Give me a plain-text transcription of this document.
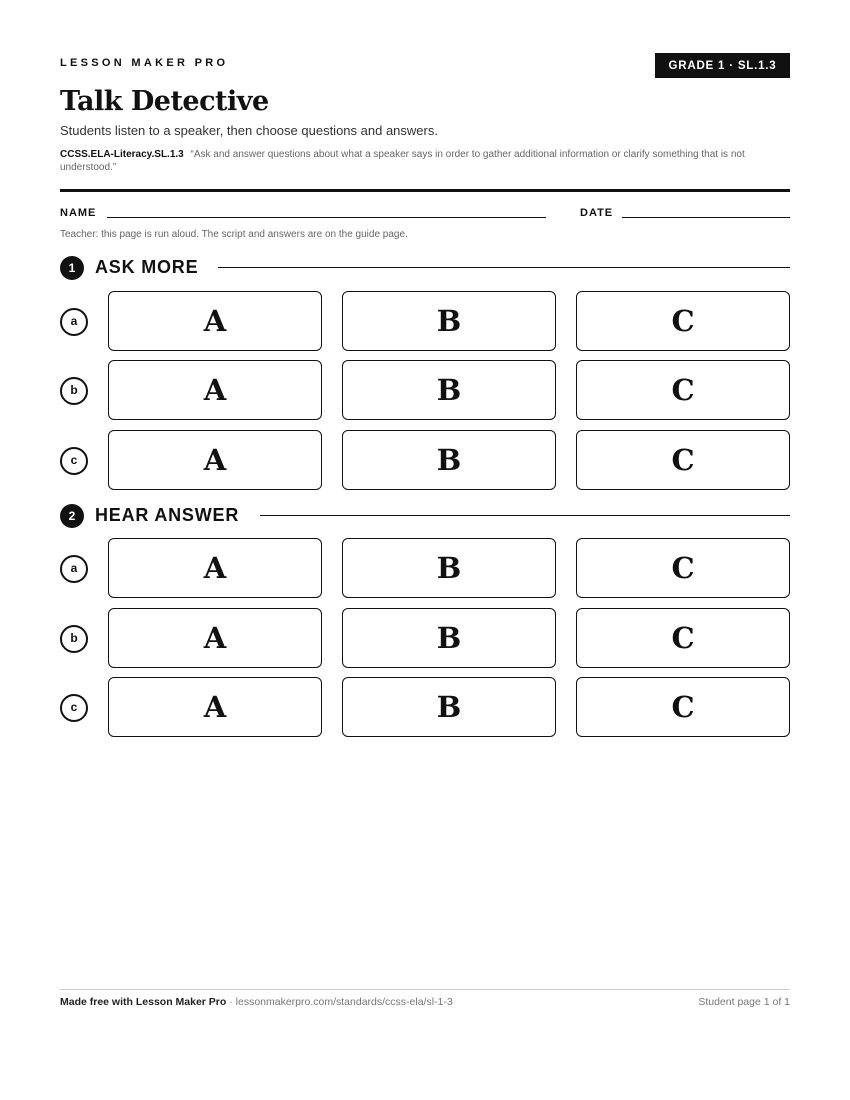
LESSON MAKER PRO	GRADE 1 · SL.1.3
Talk Detective
Students listen to a speaker, then choose questions and answers.
CCSS.ELA-Literacy.SL.1.3 “Ask and answer questions about what a speaker says in order to gather additional information or clarify something that is not understood.”
NAME	DATE
Teacher: this page is run aloud. The script and answers are on the guide page.
1	ASK MORE
a	A	B	C
b	A	B	C
c	A	B	C
2	HEAR ANSWER
a	A	B	C
b	A	B	C
c	A	B	C
Made free with Lesson Maker Pro · lessonmakerpro.com/standards/ccss-ela/sl-1-3	Student page 1 of 1
